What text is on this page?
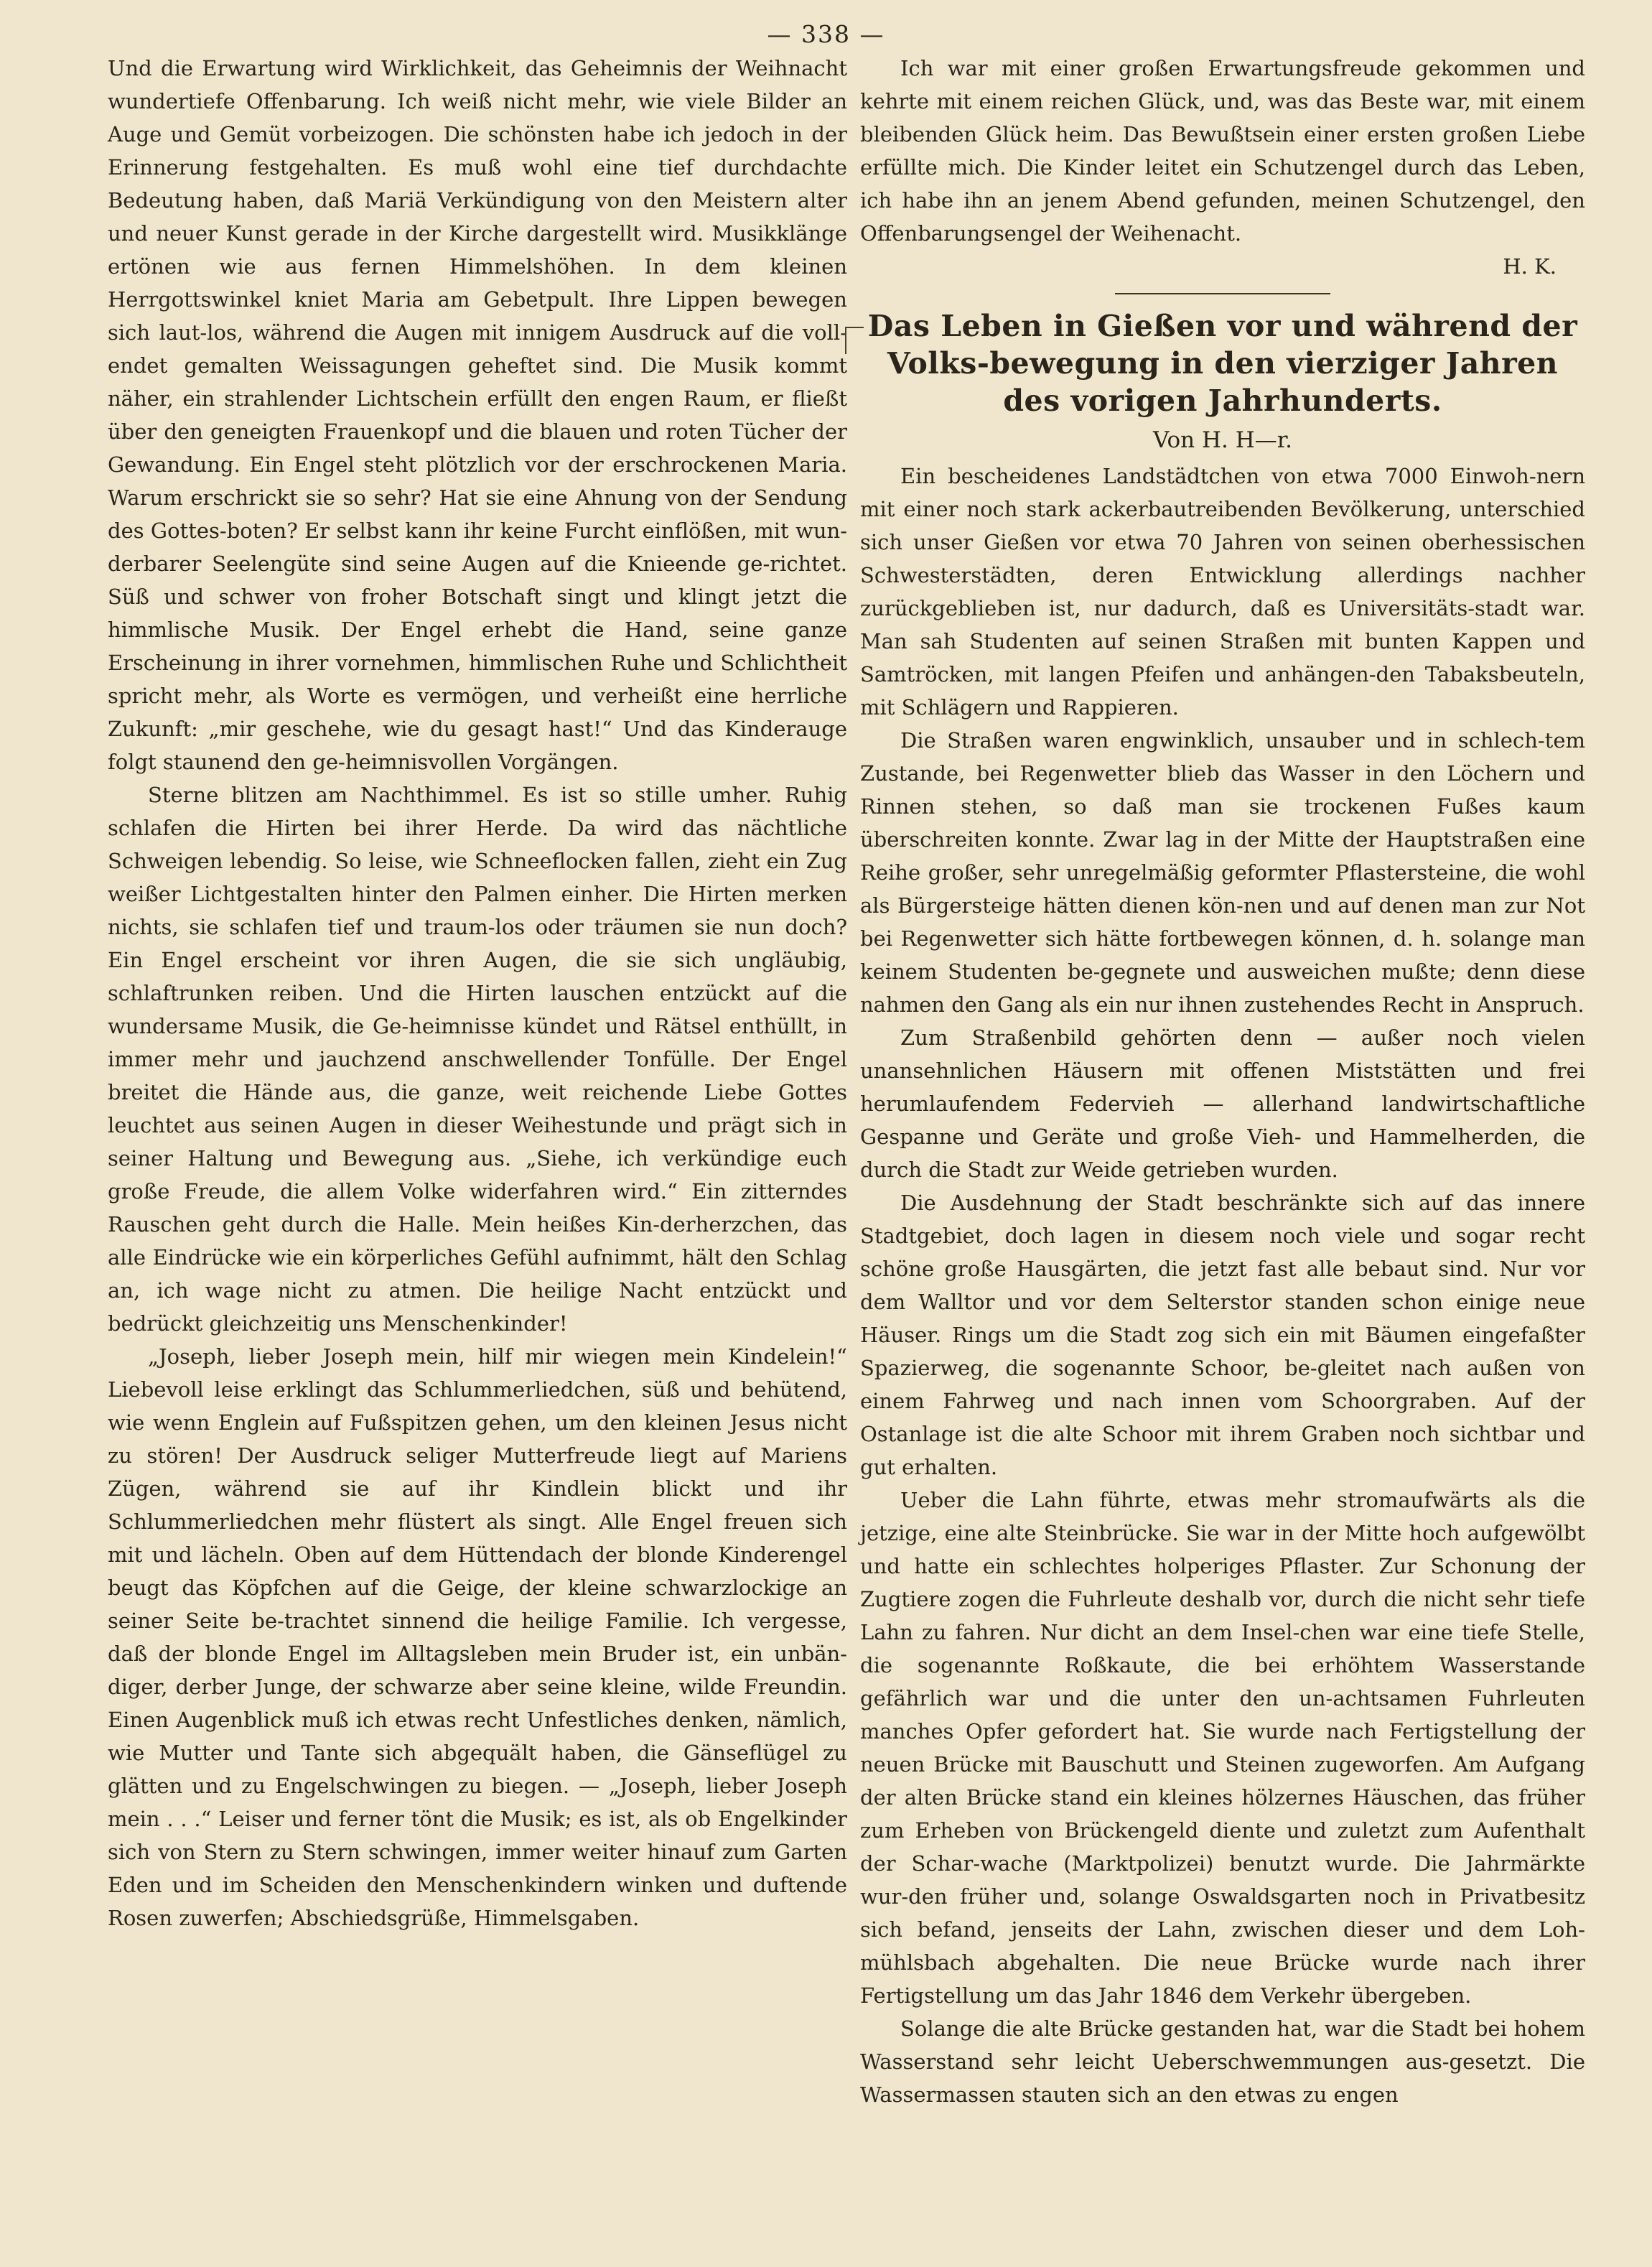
— 338 —

Und die Erwartung wird Wirklichkeit, das Geheimnis der Weihnacht wundertiefe Offenbarung. Ich weiß nicht mehr, wie viele Bilder an Auge und Gemüt vorbeizogen. Die schönsten habe ich jedoch in der Erinnerung festgehalten. Es muß wohl eine tief durchdachte Bedeutung haben, daß Mariä Verkündigung von den Meistern alter und neuer Kunst gerade in der Kirche dargestellt wird. Musikklänge ertönen wie aus fernen Himmelshöhen. In dem kleinen Herrgottswinkel kniet Maria am Gebetpult. Ihre Lippen bewegen sich laut-los, während die Augen mit innigem Ausdruck auf die voll-endet gemalten Weissagungen geheftet sind. Die Musik kommt näher, ein strahlender Lichtschein erfüllt den engen Raum, er fließt über den geneigten Frauenkopf und die blauen und roten Tücher der Gewandung. Ein Engel steht plötzlich vor der erschrockenen Maria. Warum erschrickt sie so sehr? Hat sie eine Ahnung von der Sendung des Gottes-boten? Er selbst kann ihr keine Furcht einflößen, mit wun-derbarer Seelengüte sind seine Augen auf die Knieende ge-richtet. Süß und schwer von froher Botschaft singt und klingt jetzt die himmlische Musik. Der Engel erhebt die Hand, seine ganze Erscheinung in ihrer vornehmen, himmlischen Ruhe und Schlichtheit spricht mehr, als Worte es vermögen, und verheißt eine herrliche Zukunft: „mir geschehe, wie du gesagt hast!“ Und das Kinderauge folgt staunend den ge-heimnisvollen Vorgängen.

Sterne blitzen am Nachthimmel. Es ist so stille umher. Ruhig schlafen die Hirten bei ihrer Herde. Da wird das nächtliche Schweigen lebendig. So leise, wie Schneeflocken fallen, zieht ein Zug weißer Lichtgestalten hinter den Palmen einher. Die Hirten merken nichts, sie schlafen tief und traum-los oder träumen sie nun doch? Ein Engel erscheint vor ihren Augen, die sie sich ungläubig, schlaftrunken reiben. Und die Hirten lauschen entzückt auf die wundersame Musik, die Ge-heimnisse kündet und Rätsel enthüllt, in immer mehr und jauchzend anschwellender Tonfülle. Der Engel breitet die Hände aus, die ganze, weit reichende Liebe Gottes leuchtet aus seinen Augen in dieser Weihestunde und prägt sich in seiner Haltung und Bewegung aus. „Siehe, ich verkündige euch große Freude, die allem Volke widerfahren wird.“ Ein zitterndes Rauschen geht durch die Halle. Mein heißes Kin-derherzchen, das alle Eindrücke wie ein körperliches Gefühl aufnimmt, hält den Schlag an, ich wage nicht zu atmen. Die heilige Nacht entzückt und bedrückt gleichzeitig uns Menschenkinder!

„Joseph, lieber Joseph mein, hilf mir wiegen mein Kindelein!“ Liebevoll leise erklingt das Schlummerliedchen, süß und behütend, wie wenn Englein auf Fußspitzen gehen, um den kleinen Jesus nicht zu stören! Der Ausdruck seliger Mutterfreude liegt auf Mariens Zügen, während sie auf ihr Kindlein blickt und ihr Schlummerliedchen mehr flüstert als singt. Alle Engel freuen sich mit und lächeln. Oben auf dem Hüttendach der blonde Kinderengel beugt das Köpfchen auf die Geige, der kleine schwarzlockige an seiner Seite be-trachtet sinnend die heilige Familie. Ich vergesse, daß der blonde Engel im Alltagsleben mein Bruder ist, ein unbän-diger, derber Junge, der schwarze aber seine kleine, wilde Freundin. Einen Augenblick muß ich etwas recht Unfestliches denken, nämlich, wie Mutter und Tante sich abgequält haben, die Gänseflügel zu glätten und zu Engelschwingen zu biegen. — „Joseph, lieber Joseph mein . . .“ Leiser und ferner tönt die Musik; es ist, als ob Engelkinder sich von Stern zu Stern schwingen, immer weiter hinauf zum Garten Eden und im Scheiden den Menschenkindern winken und duftende Rosen zuwerfen; Abschiedsgrüße, Himmelsgaben.

Ich war mit einer großen Erwartungsfreude gekommen und kehrte mit einem reichen Glück, und, was das Beste war, mit einem bleibenden Glück heim. Das Bewußtsein einer ersten großen Liebe erfüllte mich. Die Kinder leitet ein Schutzengel durch das Leben, ich habe ihn an jenem Abend gefunden, meinen Schutzengel, den Offenbarungsengel der Weihenacht.

H. K.
Das Leben in Gießen vor und während der Volks-bewegung in den vierziger Jahren des vorigen Jahrhunderts.
Von H. H—r.

Ein bescheidenes Landstädtchen von etwa 7000 Einwoh-nern mit einer noch stark ackerbautreibenden Bevölkerung, unterschied sich unser Gießen vor etwa 70 Jahren von seinen oberhessischen Schwesterstädten, deren Entwicklung allerdings nachher zurückgeblieben ist, nur dadurch, daß es Universitäts-stadt war. Man sah Studenten auf seinen Straßen mit bunten Kappen und Samtröcken, mit langen Pfeifen und anhängen-den Tabaksbeuteln, mit Schlägern und Rappieren.

Die Straßen waren engwinklich, unsauber und in schlech-tem Zustande, bei Regenwetter blieb das Wasser in den Löchern und Rinnen stehen, so daß man sie trockenen Fußes kaum überschreiten konnte. Zwar lag in der Mitte der Hauptstraßen eine Reihe großer, sehr unregelmäßig geformter Pflastersteine, die wohl als Bürgersteige hätten dienen kön-nen und auf denen man zur Not bei Regenwetter sich hätte fortbewegen können, d. h. solange man keinem Studenten be-gegnete und ausweichen mußte; denn diese nahmen den Gang als ein nur ihnen zustehendes Recht in Anspruch.

Zum Straßenbild gehörten denn — außer noch vielen unansehnlichen Häusern mit offenen Miststätten und frei herumlaufendem Federvieh — allerhand landwirtschaftliche Gespanne und Geräte und große Vieh- und Hammelherden, die durch die Stadt zur Weide getrieben wurden.

Die Ausdehnung der Stadt beschränkte sich auf das innere Stadtgebiet, doch lagen in diesem noch viele und sogar recht schöne große Hausgärten, die jetzt fast alle bebaut sind. Nur vor dem Walltor und vor dem Selterstor standen schon einige neue Häuser. Rings um die Stadt zog sich ein mit Bäumen eingefaßter Spazierweg, die sogenannte Schoor, be-gleitet nach außen von einem Fahrweg und nach innen vom Schoorgraben. Auf der Ostanlage ist die alte Schoor mit ihrem Graben noch sichtbar und gut erhalten.

Ueber die Lahn führte, etwas mehr stromaufwärts als die jetzige, eine alte Steinbrücke. Sie war in der Mitte hoch aufgewölbt und hatte ein schlechtes holperiges Pflaster. Zur Schonung der Zugtiere zogen die Fuhrleute deshalb vor, durch die nicht sehr tiefe Lahn zu fahren. Nur dicht an dem Insel-chen war eine tiefe Stelle, die sogenannte Roßkaute, die bei erhöhtem Wasserstande gefährlich war und die unter den un-achtsamen Fuhrleuten manches Opfer gefordert hat. Sie wurde nach Fertigstellung der neuen Brücke mit Bauschutt und Steinen zugeworfen. Am Aufgang der alten Brücke stand ein kleines hölzernes Häuschen, das früher zum Erheben von Brückengeld diente und zuletzt zum Aufenthalt der Schar-wache (Marktpolizei) benutzt wurde. Die Jahrmärkte wur-den früher und, solange Oswaldsgarten noch in Privatbesitz sich befand, jenseits der Lahn, zwischen dieser und dem Loh-mühlsbach abgehalten. Die neue Brücke wurde nach ihrer Fertigstellung um das Jahr 1846 dem Verkehr übergeben.

Solange die alte Brücke gestanden hat, war die Stadt bei hohem Wasserstand sehr leicht Ueberschwemmungen aus-gesetzt. Die Wassermassen stauten sich an den etwas zu engen
